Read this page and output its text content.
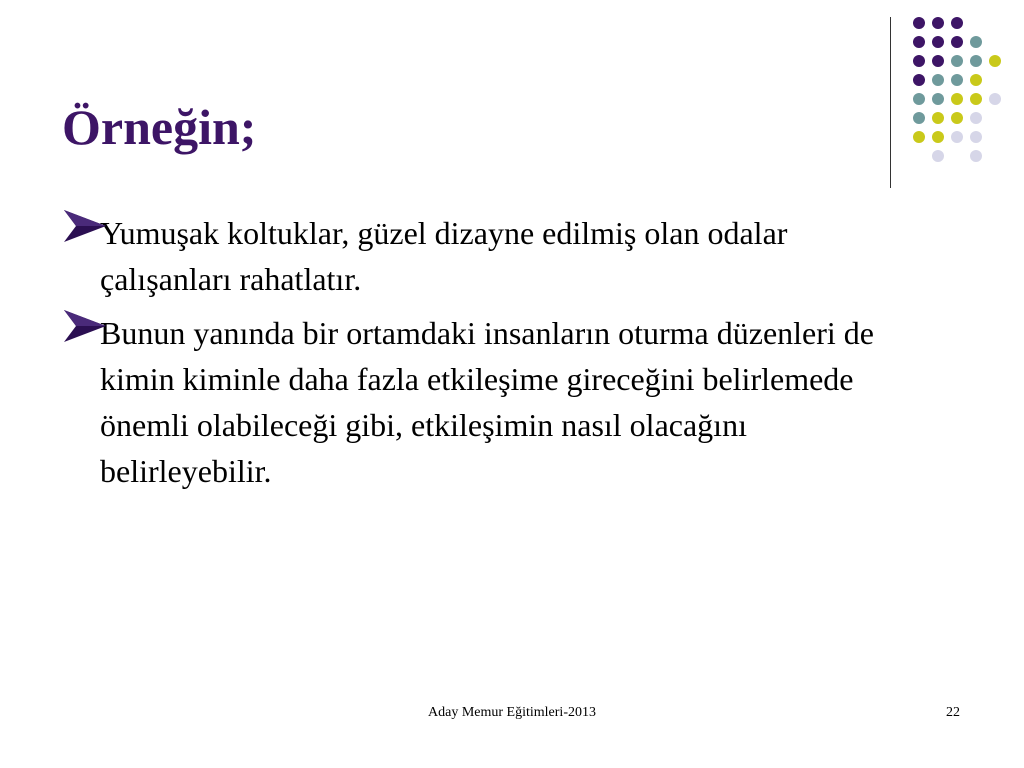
Örneğin;
Yumuşak koltuklar, güzel dizayne edilmiş olan odalar çalışanları rahatlatır.
Bunun yanında bir ortamdaki insanların oturma düzenleri de kimin kiminle daha fazla etkileşime gireceğini belirlemede önemli olabileceği gibi, etkileşimin nasıl olacağını belirleyebilir.
Aday Memur Eğitimleri-2013	22
